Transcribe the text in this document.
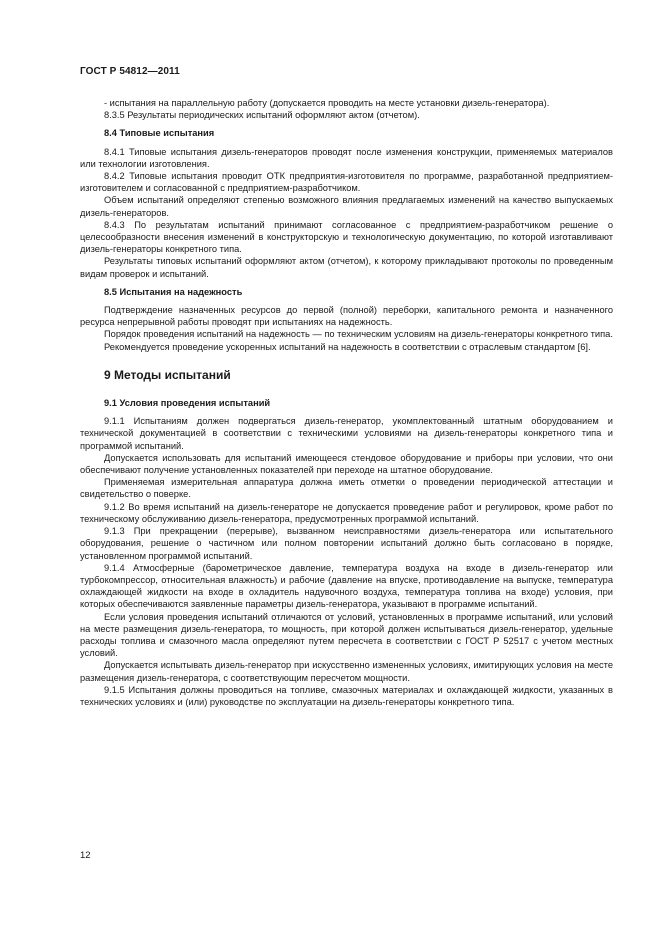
ГОСТ Р 54812—2011

- испытания на параллельную работу (допускается проводить на месте установки дизель-генератора).

8.3.5 Результаты периодических испытаний оформляют актом (отчетом).

8.4 Типовые испытания

8.4.1 Типовые испытания дизель-генераторов проводят после изменения конструкции, применяемых материалов или технологии изготовления.

8.4.2 Типовые испытания проводит ОТК предприятия-изготовителя по программе, разработанной предприятием-изготовителем и согласованной с предприятием-разработчиком.

Объем испытаний определяют степенью возможного влияния предлагаемых изменений на качество выпускаемых дизель-генераторов.

8.4.3 По результатам испытаний принимают согласованное с предприятием-разработчиком решение о целесообразности внесения изменений в конструкторскую и технологическую документацию, по которой изготавливают дизель-генераторы конкретного типа.

Результаты типовых испытаний оформляют актом (отчетом), к которому прикладывают протоколы по проведенным видам проверок и испытаний.

8.5 Испытания на надежность

Подтверждение назначенных ресурсов до первой (полной) переборки, капитального ремонта и назначенного ресурса непрерывной работы проводят при испытаниях на надежность.

Порядок проведения испытаний на надежность — по техническим условиям на дизель-генераторы конкретного типа.

Рекомендуется проведение ускоренных испытаний на надежность в соответствии с отраслевым стандартом [6].

9 Методы испытаний
9.1 Условия проведения испытаний

9.1.1 Испытаниям должен подвергаться дизель-генератор, укомплектованный штатным оборудованием и технической документацией в соответствии с техническими условиями на дизель-генераторы конкретного типа и программой испытаний.

Допускается использовать для испытаний имеющееся стендовое оборудование и приборы при условии, что они обеспечивают получение установленных показателей при переходе на штатное оборудование.

Применяемая измерительная аппаратура должна иметь отметки о проведении периодической аттестации и свидетельство о поверке.

9.1.2 Во время испытаний на дизель-генераторе не допускается проведение работ и регулировок, кроме работ по техническому обслуживанию дизель-генератора, предусмотренных программой испытаний.

9.1.3 При прекращении (перерыве), вызванном неисправностями дизель-генератора или испытательного оборудования, решение о частичном или полном повторении испытаний должно быть согласовано в порядке, установленном программой испытаний.

9.1.4 Атмосферные (барометрическое давление, температура воздуха на входе в дизель-генератор или турбокомпрессор, относительная влажность) и рабочие (давление на впуске, противодавление на выпуске, температура охлаждающей жидкости на входе в охладитель надувочного воздуха, температура топлива на входе) условия, при которых обеспечиваются заявленные параметры дизель-генератора, указывают в программе испытаний.

Если условия проведения испытаний отличаются от условий, установленных в программе испытаний, или условий на месте размещения дизель-генератора, то мощность, при которой должен испытываться дизель-генератор, удельные расходы топлива и смазочного масла определяют путем пересчета в соответствии с ГОСТ Р 52517 с учетом местных условий.

Допускается испытывать дизель-генератор при искусственно измененных условиях, имитирующих условия на месте размещения дизель-генератора, с соответствующим пересчетом мощности.

9.1.5 Испытания должны проводиться на топливе, смазочных материалах и охлаждающей жидкости, указанных в технических условиях и (или) руководстве по эксплуатации на дизель-генераторы конкретного типа.

12
